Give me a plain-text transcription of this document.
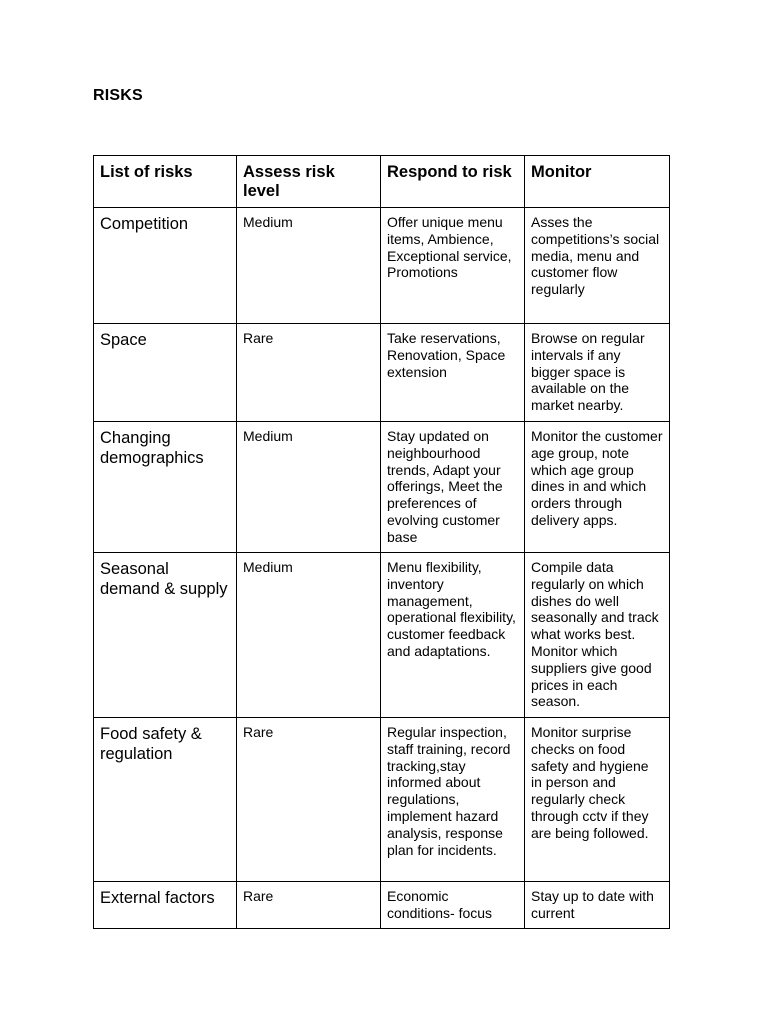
RISKS
List of risks	Assess risk level	Respond to risk	Monitor
Competition	Medium	Offer unique menu items, Ambience, Exceptional service, Promotions	Asses the competitions’s social media, menu and customer flow regularly
Space	Rare	Take reservations, Renovation, Space extension	Browse on regular intervals if any bigger space is available on the market nearby.
Changing demographics	Medium	Stay updated on neighbourhood trends, Adapt your offerings, Meet the preferences of evolving customer base	Monitor the customer age group, note which age group dines in and which orders through delivery apps.
Seasonal demand & supply	Medium	Menu flexibility, inventory management, operational flexibility, customer feedback and adaptations.	Compile data regularly on which dishes do well seasonally and track what works best. Monitor which suppliers give good prices in each season.
Food safety & regulation	Rare	Regular inspection, staff training, record tracking,stay informed about regulations, implement hazard analysis, response plan for incidents.	Monitor surprise checks on food safety and hygiene in person and regularly check through cctv if they are being followed.
External factors	Rare	Economic conditions- focus	Stay up to date with current
